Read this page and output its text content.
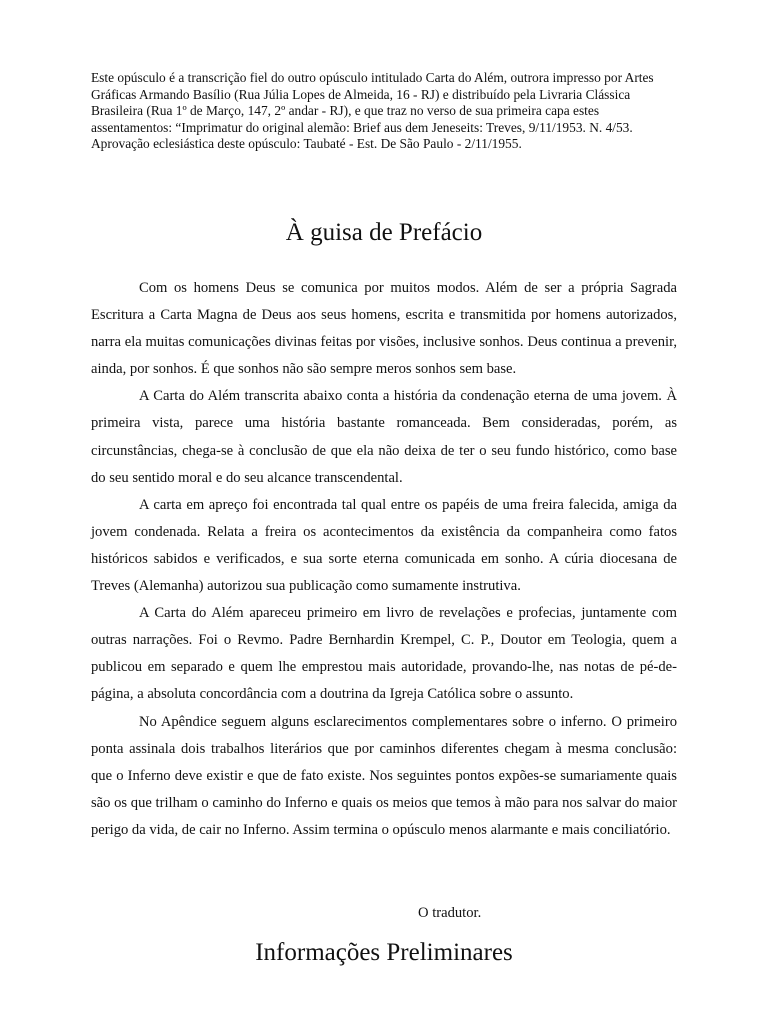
Este opúsculo é a transcrição fiel do outro opúsculo intitulado Carta do Além, outrora impresso por Artes Gráficas Armando Basílio (Rua Júlia Lopes de Almeida, 16 - RJ) e distribuído pela Livraria Clássica Brasileira (Rua 1º de Março, 147, 2º andar - RJ), e que traz no verso de sua primeira capa estes assentamentos: “Imprimatur do original alemão: Brief aus dem Jeneseits: Treves, 9/11/1953. N. 4/53. Aprovação eclesiástica deste opúsculo: Taubaté - Est. De São Paulo - 2/11/1955.

À guisa de Prefácio

Com os homens Deus se comunica por muitos modos. Além de ser a própria Sagrada Escritura a Carta Magna de Deus aos seus homens, escrita e transmitida por homens autorizados, narra ela muitas comunicações divinas feitas por visões, inclusive sonhos. Deus continua a prevenir, ainda, por sonhos. É que sonhos não são sempre meros sonhos sem base.

A Carta do Além transcrita abaixo conta a história da condenação eterna de uma jovem. À primeira vista, parece uma história bastante romanceada. Bem consideradas, porém, as circunstâncias, chega-se à conclusão de que ela não deixa de ter o seu fundo histórico, como base do seu sentido moral e do seu alcance transcendental.

A carta em apreço foi encontrada tal qual entre os papéis de uma freira falecida, amiga da jovem condenada. Relata a freira os acontecimentos da existência da companheira como fatos históricos sabidos e verificados, e sua sorte eterna comunicada em sonho. A cúria diocesana de Treves (Alemanha) autorizou sua publicação como sumamente instrutiva.

A Carta do Além apareceu primeiro em livro de revelações e profecias, juntamente com outras narrações. Foi o Revmo. Padre Bernhardin Krempel, C. P., Doutor em Teologia, quem a publicou em separado e quem lhe emprestou mais autoridade, provando-lhe, nas notas de pé-de-página, a absoluta concordância com a doutrina da Igreja Católica sobre o assunto.

No Apêndice seguem alguns esclarecimentos complementares sobre o inferno. O primeiro ponta assinala dois trabalhos literários que por caminhos diferentes chegam à mesma conclusão: que o Inferno deve existir e que de fato existe. Nos seguintes pontos expões-se sumariamente quais são os que trilham o caminho do Inferno e quais os meios que temos à mão para nos salvar do maior perigo da vida, de cair no Inferno. Assim termina o opúsculo menos alarmante e mais conciliatório.

O tradutor.

Informações Preliminares
